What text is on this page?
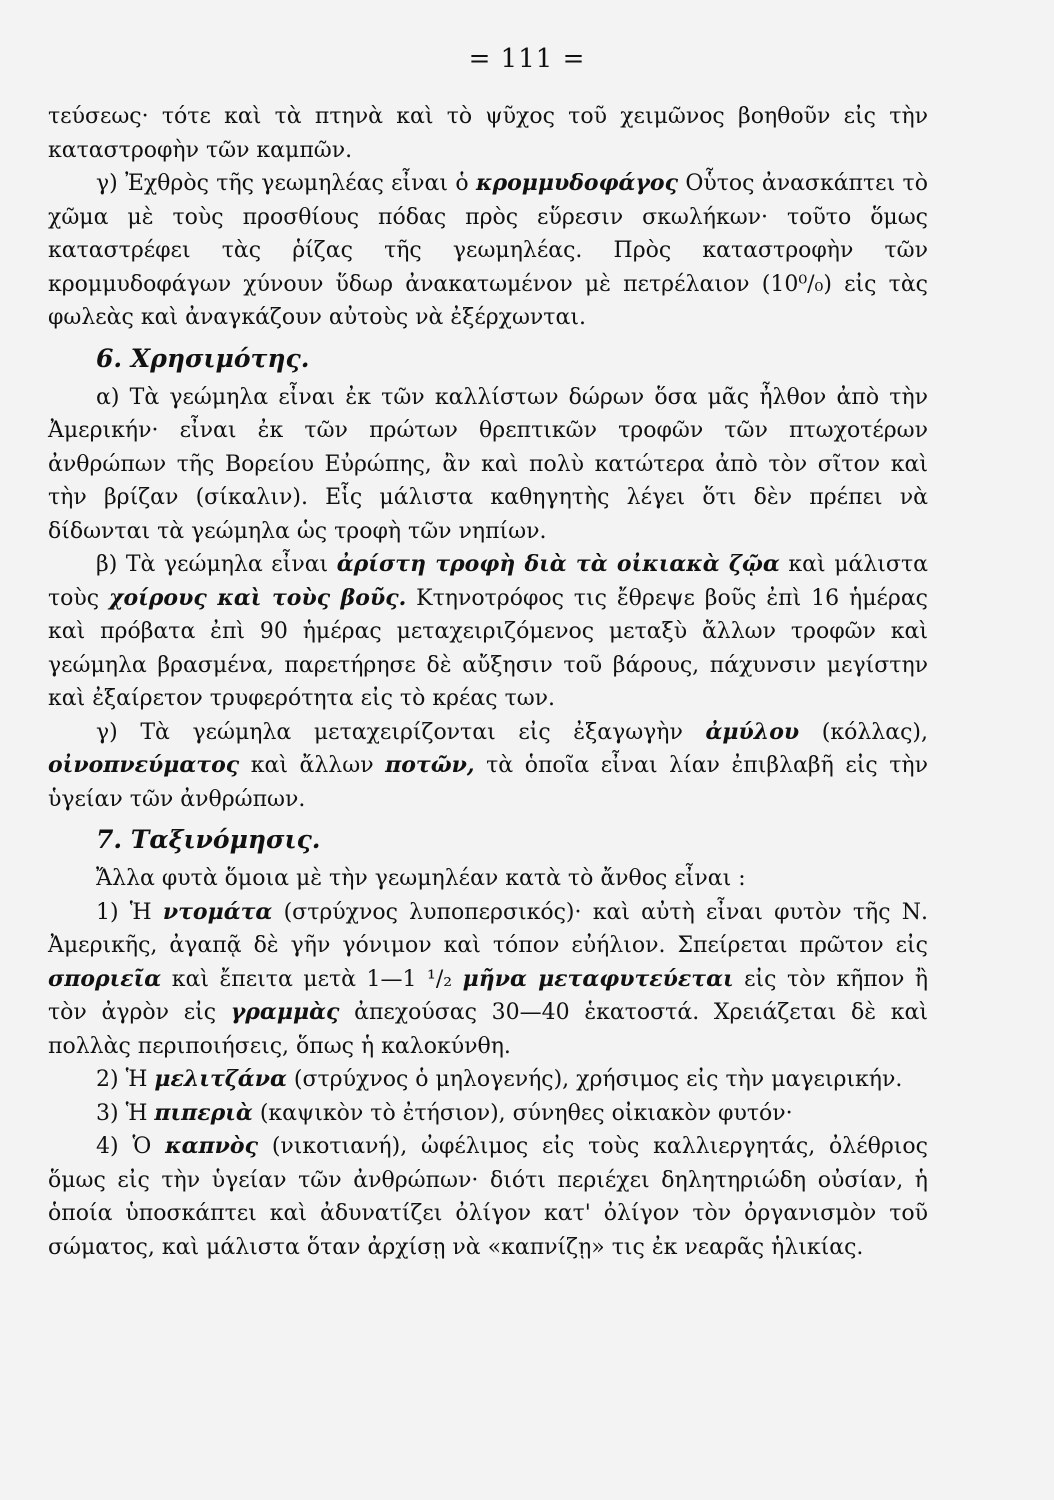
= 111 =

τεύσεως· τότε καὶ τὰ πτηνὰ καὶ τὸ ψῦχος τοῦ χειμῶνος βοηθοῦν εἰς τὴν καταστροφὴν τῶν καμπῶν.

γ) Ἐχθρὸς τῆς γεωμηλέας εἶναι ὁ κρομμυδοφάγος Οὗτος ἀνασκάπτει τὸ χῶμα μὲ τοὺς προσθίους πόδας πρὸς εὕρεσιν σκωλήκων· τοῦτο ὅμως καταστρέφει τὰς ῥίζας τῆς γεωμηλέας. Πρὸς καταστροφὴν τῶν κρομμυδοφάγων χύνουν ὕδωρ ἀνακατωμένον μὲ πετρέλαιον (10⁰/₀) εἰς τὰς φωλεὰς καὶ ἀναγκάζουν αὐτοὺς νὰ ἐξέρχωνται.

6. Χρησιμότης.

α) Τὰ γεώμηλα εἶναι ἐκ τῶν καλλίστων δώρων ὅσα μᾶς ἦλθον ἀπὸ τὴν Ἀμερικήν· εἶναι ἐκ τῶν πρώτων θρεπτικῶν τροφῶν τῶν πτωχοτέρων ἀνθρώπων τῆς Βορείου Εὐρώπης, ἂν καὶ πολὺ κατώτερα ἀπὸ τὸν σῖτον καὶ τὴν βρίζαν (σίκαλιν). Εἷς μάλιστα καθηγητὴς λέγει ὅτι δὲν πρέπει νὰ δίδωνται τὰ γεώμηλα ὡς τροφὴ τῶν νηπίων.

β) Τὰ γεώμηλα εἶναι ἀρίστη τροφὴ διὰ τὰ οἰκιακὰ ζῷα καὶ μάλιστα τοὺς χοίρους καὶ τοὺς βοῦς. Κτηνοτρόφος τις ἔθρεψε βοῦς ἐπὶ 16 ἡμέρας καὶ πρόβατα ἐπὶ 90 ἡμέρας μεταχειριζόμενος μεταξὺ ἄλλων τροφῶν καὶ γεώμηλα βρασμένα, παρετήρησε δὲ αὔξησιν τοῦ βάρους, πάχυνσιν μεγίστην καὶ ἐξαίρετον τρυφερότητα εἰς τὸ κρέας των.

γ) Τὰ γεώμηλα μεταχειρίζονται εἰς ἐξαγωγὴν ἀμύλου (κόλλας), οἰνοπνεύματος καὶ ἄλλων ποτῶν, τὰ ὁποῖα εἶναι λίαν ἐπιβλαβῆ εἰς τὴν ὑγείαν τῶν ἀνθρώπων.

7. Ταξινόμησις.

Ἄλλα φυτὰ ὅμοια μὲ τὴν γεωμηλέαν κατὰ τὸ ἄνθος εἶναι :

1) Ἡ ντομάτα (στρύχνος λυποπερσικός)· καὶ αὐτὴ εἶναι φυτὸν τῆς Ν. Ἀμερικῆς, ἀγαπᾷ δὲ γῆν γόνιμον καὶ τόπον εὐήλιον. Σπείρεται πρῶτον εἰς σποριεῖα καὶ ἔπειτα μετὰ 1—1 ¹/₂ μῆνα μεταφυτεύεται εἰς τὸν κῆπον ἢ τὸν ἀγρὸν εἰς γραμμὰς ἀπεχούσας 30—40 ἑκατοστά. Χρειάζεται δὲ καὶ πολλὰς περιποιήσεις, ὅπως ἡ καλοκύνθη.

2) Ἡ μελιτζάνα (στρύχνος ὁ μηλογενής), χρήσιμος εἰς τὴν μαγειρικήν.

3) Ἡ πιπεριὰ (καψικὸν τὸ ἐτήσιον), σύνηθες οἰκιακὸν φυτόν·

4) Ὁ καπνὸς (νικοτιανή), ὠφέλιμος εἰς τοὺς καλλιεργητάς, ὀλέθριος ὅμως εἰς τὴν ὑγείαν τῶν ἀνθρώπων· διότι περιέχει δηλητηριώδη οὐσίαν, ἡ ὁποία ὑποσκάπτει καὶ ἀδυνατίζει ὀλίγον κατ' ὀλίγον τὸν ὀργανισμὸν τοῦ σώματος, καὶ μάλιστα ὅταν ἀρχίσῃ νὰ «καπνίζῃ» τις ἐκ νεαρᾶς ἡλικίας.
